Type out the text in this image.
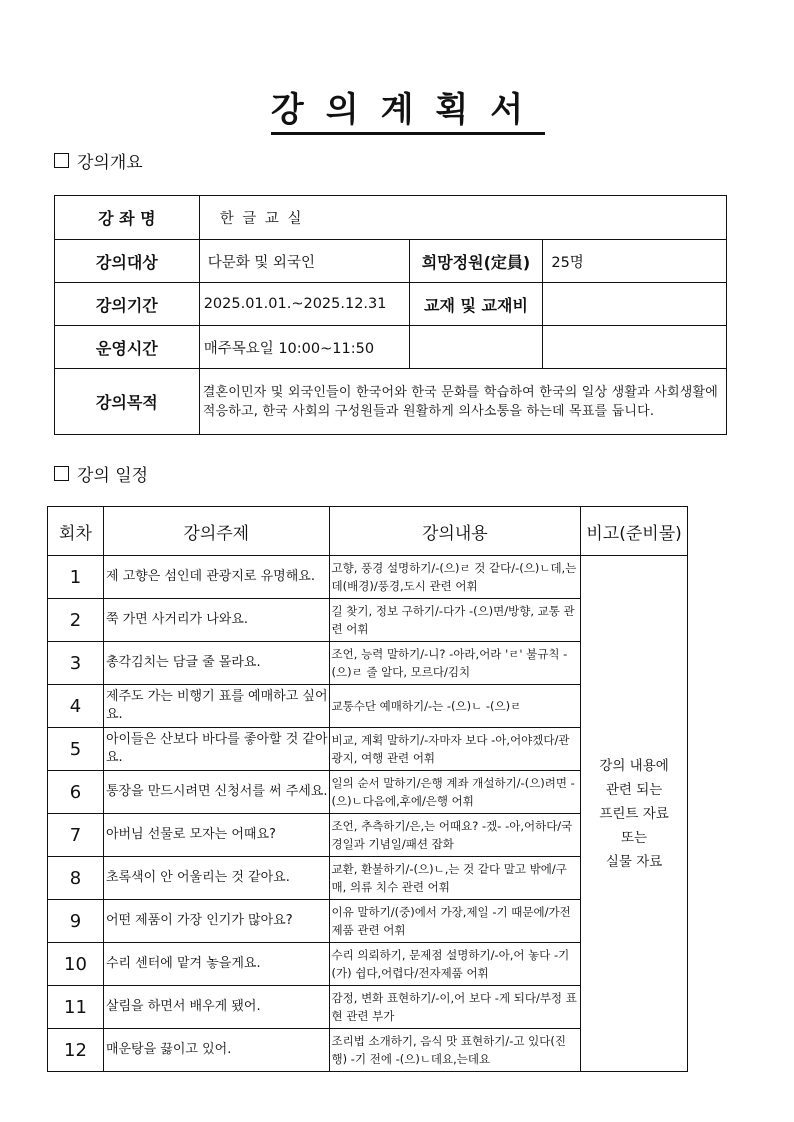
강의계획서
강의개요
강 좌 명	한 글 교 실		
강의대상	다문화 및 외국인	희망정원(定員)	25명
강의기간	2025.01.01.~2025.12.31	교재 및 교재비	
운영시간	매주목요일 10:00~11:50		
강의목적	결혼이민자 및 외국인들이 한국어와 한국 문화를 학습하여 한국의 일상 생활과 사회생활에 적응하고, 한국 사회의 구성원들과 원활하게 의사소통을 하는데 목표를 둡니다.		
강의 일정
회차	강의주제	강의내용	비고(준비물)
1	제 고향은 섬인데 관광지로 유명해요.	고향, 풍경 설명하기/-(으)ㄹ 것 같다/-(으)ㄴ데,는데(배경)/풍경,도시 관련 어휘	강의 내용에
관련 되는
프린트 자료
또는
실물 자료

2	쭉 가면 사거리가 나와요.	길 찾기, 정보 구하기/-다가 -(으)면/방향, 교통 관련 어휘	
3	총각김치는 담글 줄 몰라요.	조언, 능력 말하기/-니? -아라,어라 'ㄹ' 불규칙 -(으)ㄹ 줄 알다, 모르다/김치	
4	제주도 가는 비행기 표를 예매하고 싶어요.	교통수단 예매하기/-는 -(으)ㄴ -(으)ㄹ	
5	아이들은 산보다 바다를 좋아할 것 같아요.	비교, 계획 말하기/-자마자 보다 -아,어야겠다/관광지, 여행 관련 어휘	
6	통장을 만드시려면 신청서를 써 주세요.	일의 순서 말하기/은행 계좌 개설하기/-(으)려면 -(으)ㄴ다음에,후에/은행 어휘	
7	아버님 선물로 모자는 어때요?	조언, 추측하기/은,는 어때요? -겠- -아,어하다/국경일과 기념일/패션 잡화	
8	초록색이 안 어울리는 것 같아요.	교환, 환불하기/-(으)ㄴ,는 것 같다 말고 밖에/구매, 의류 치수 관련 어휘	
9	어떤 제품이 가장 인기가 많아요?	이유 말하기/(중)에서 가장,제일 -기 때문에/가전제품 관련 어휘	
10	수리 센터에 맡겨 놓을게요.	수리 의뢰하기, 문제점 설명하기/-아,어 놓다 -기(가) 쉽다,어렵다/전자제품 어휘	
11	살림을 하면서 배우게 됐어.	감정, 변화 표현하기/-이,어 보다 -게 되다/부정 표현 관련 부가	
12	매운탕을 끓이고 있어.	조리법 소개하기, 음식 맛 표현하기/-고 있다(진행) -기 전에 -(으)ㄴ데요,는데요	
